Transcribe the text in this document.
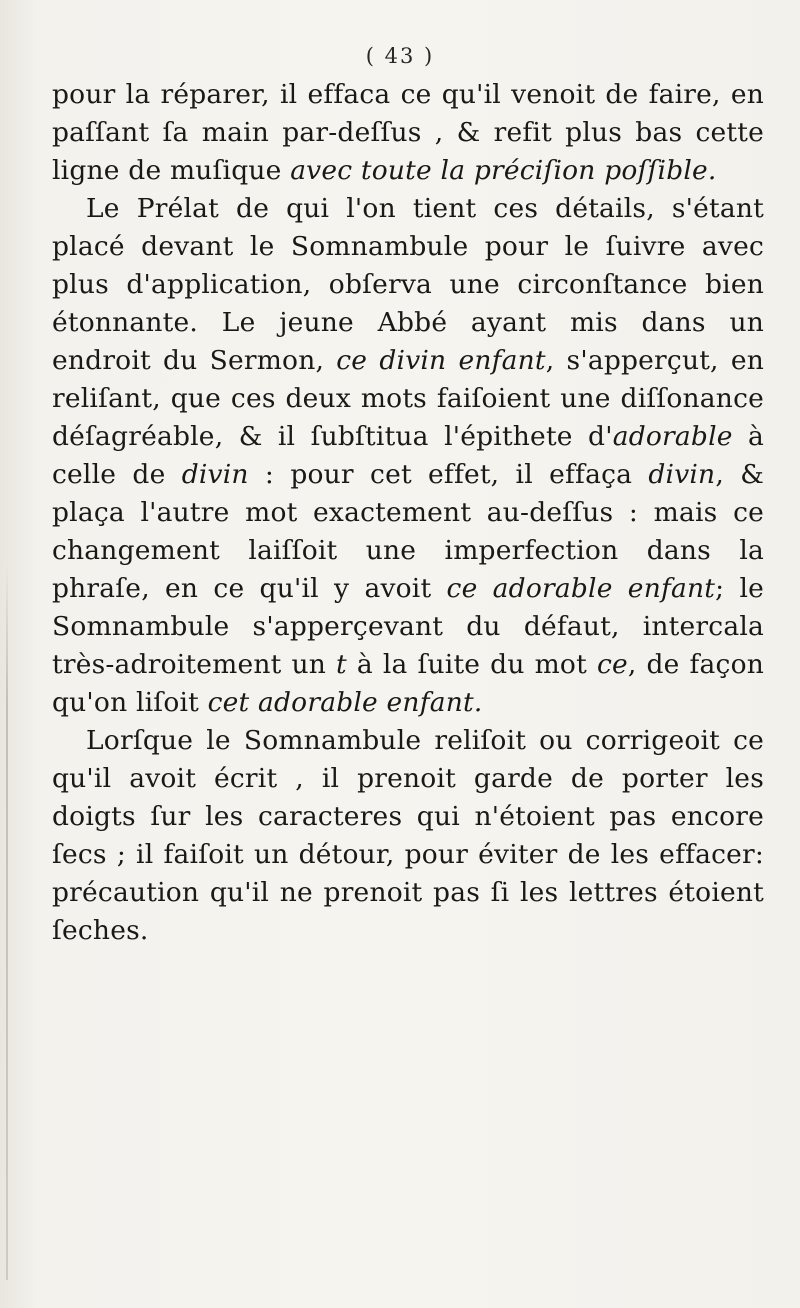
( 43 )

pour la réparer, il effaca ce qu'il venoit de faire, en paſſant ſa main par-deſſus , & refit plus bas cette ligne de muſique avec toute la préciſion poſſible.

Le Prélat de qui l'on tient ces détails, s'étant placé devant le Somnambule pour le ſuivre avec plus d'application, obſerva une circonſtance bien étonnante. Le jeune Abbé ayant mis dans un endroit du Sermon, ce divin enfant, s'apperçut, en reliſant, que ces deux mots faiſoient une diſſonance déſagréable, & il ſubſtitua l'épithete d'adorable à celle de divin : pour cet effet, il effaça divin, & plaça l'autre mot exactement au-deſſus : mais ce changement laiſſoit une imperfection dans la phraſe, en ce qu'il y avoit ce adorable enfant; le Somnambule s'apperçevant du défaut, intercala très-adroitement un t à la ſuite du mot ce, de façon qu'on liſoit cet adorable enfant.

Lorſque le Somnambule reliſoit ou corrigeoit ce qu'il avoit écrit , il prenoit garde de porter les doigts ſur les caracteres qui n'étoient pas encore ſecs ; il faiſoit un détour, pour éviter de les effacer: précaution qu'il ne prenoit pas ſi les lettres étoient ſeches.
